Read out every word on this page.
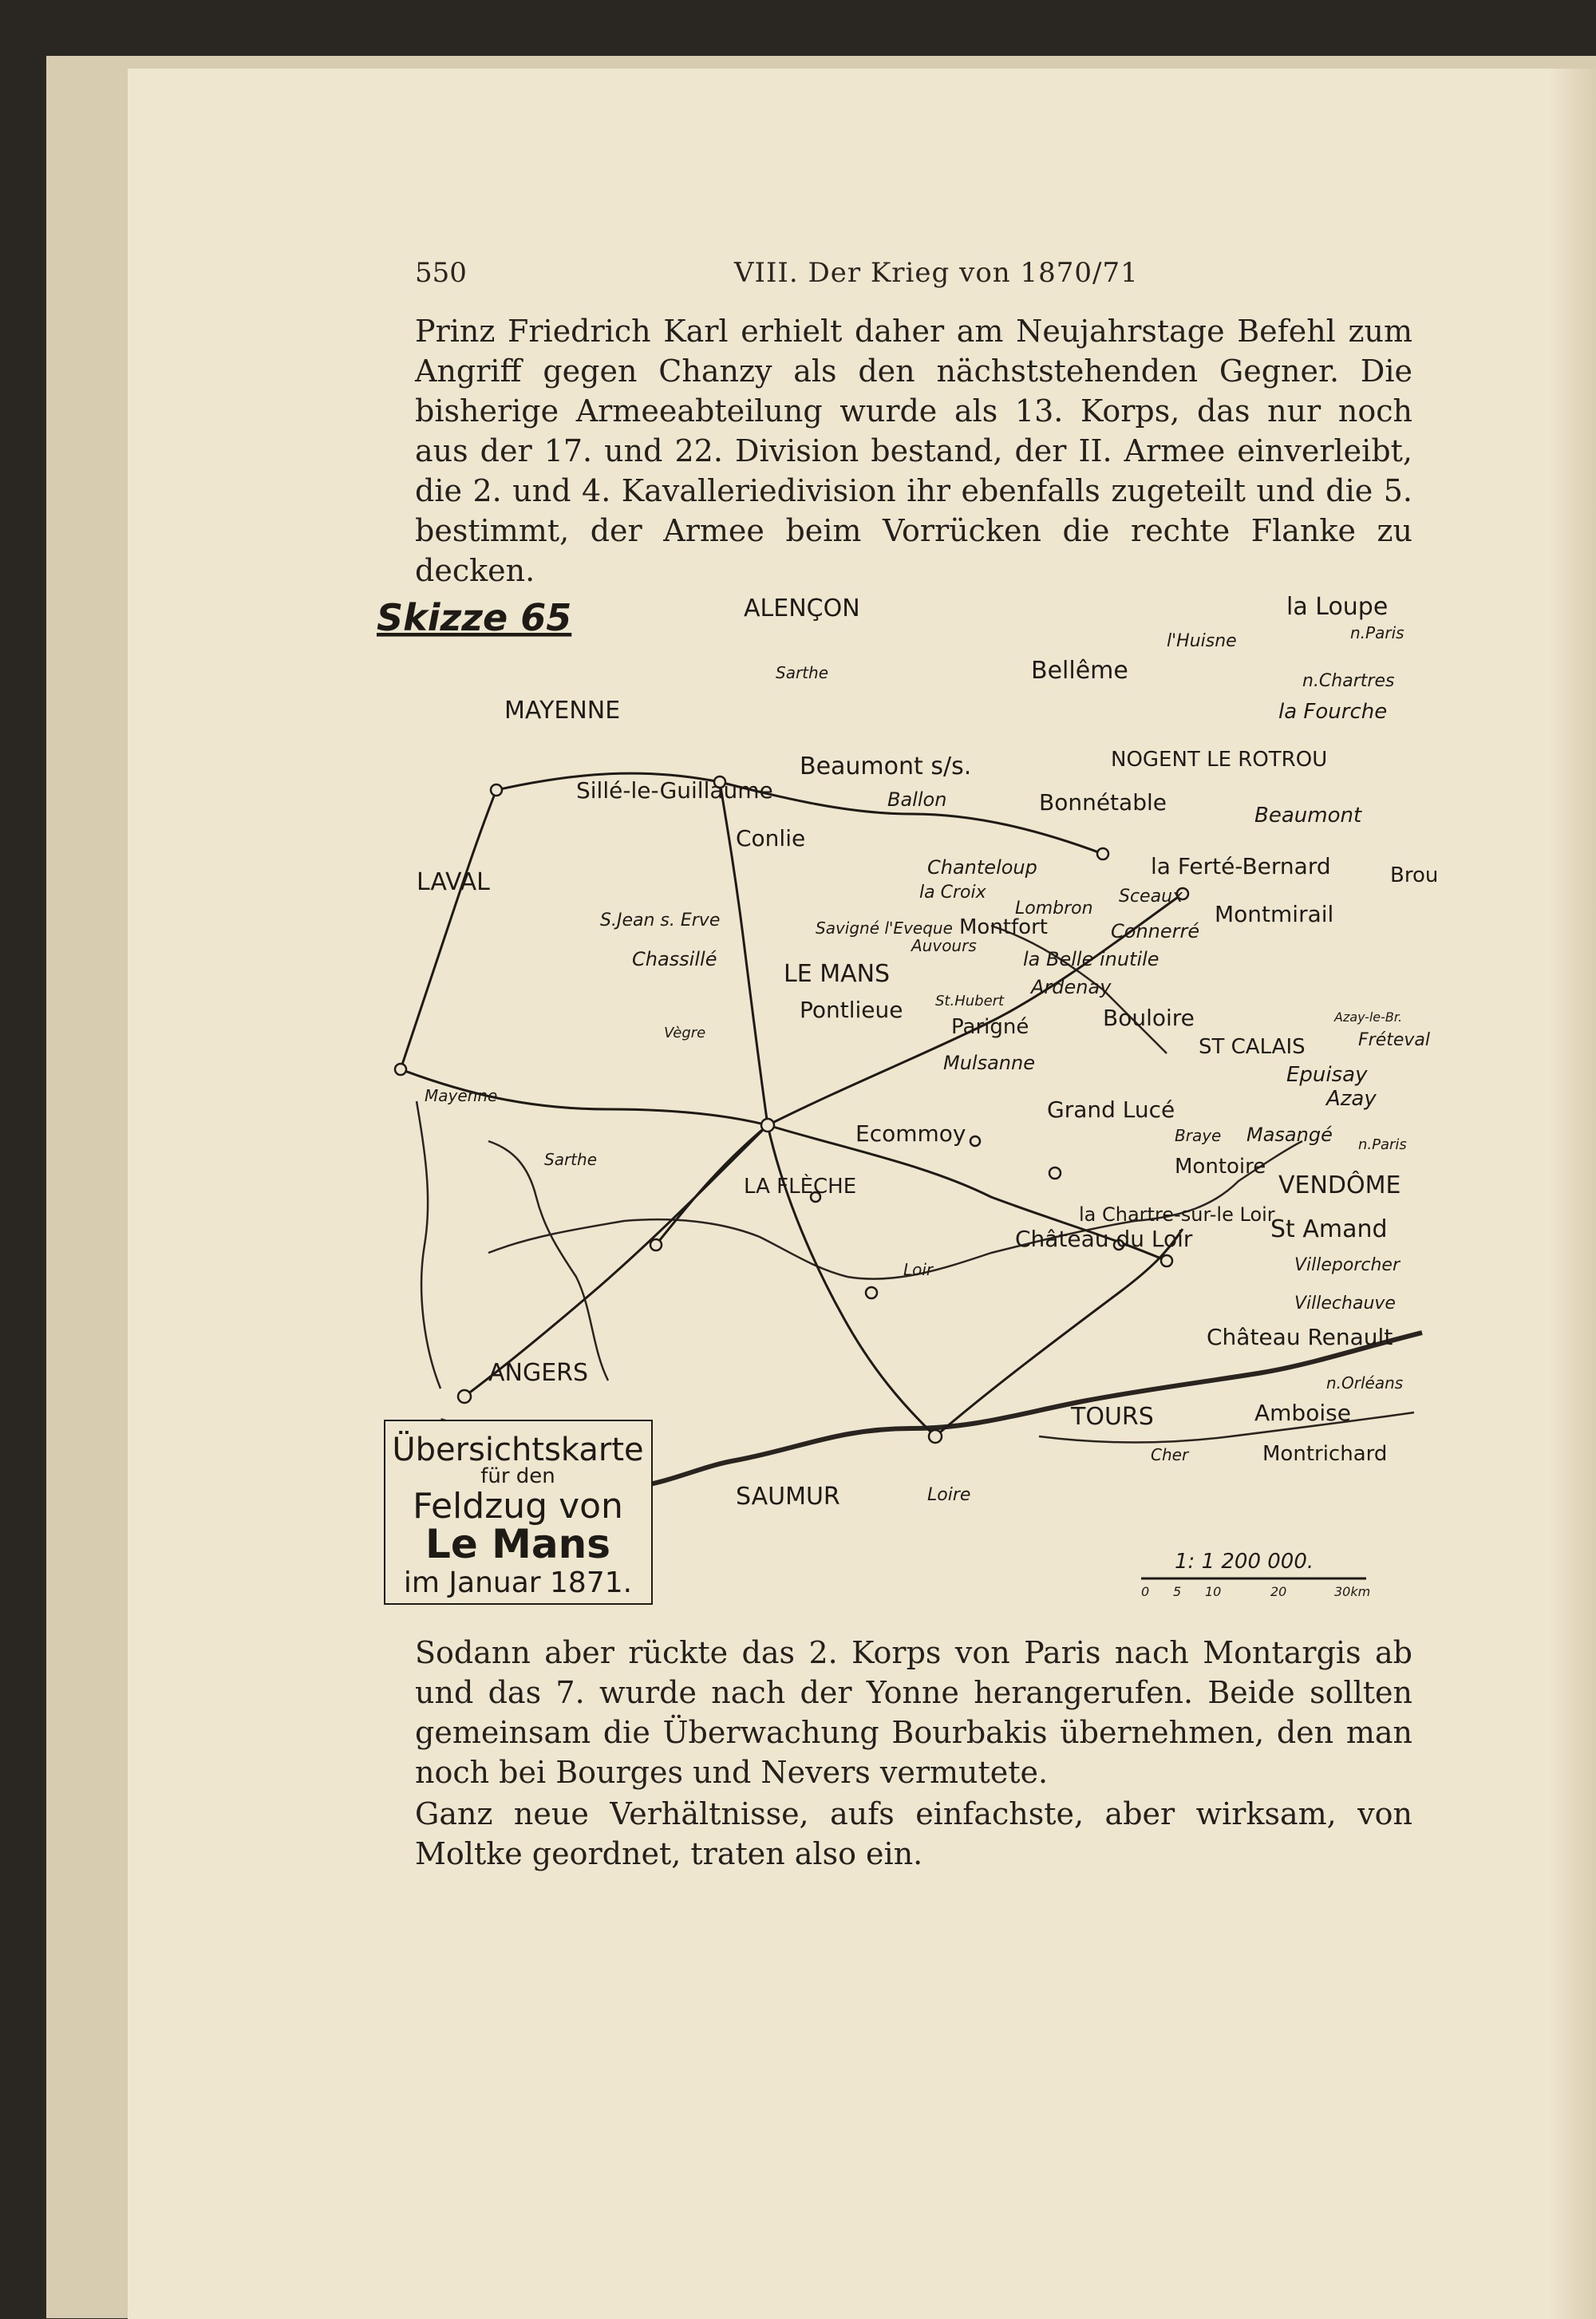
550	VIII. Der Krieg von 1870/71
Prinz Friedrich Karl erhielt daher am Neujahrstage Befehl zum Angriff gegen Chanzy als den nächststehenden Gegner. Die bisherige Armeeabteilung wurde als 13. Korps, das nur noch aus der 17. und 22. Division bestand, der II. Armee einverleibt, die 2. und 4. Kavalleriedivision ihr ebenfalls zugeteilt und die 5. bestimmt, der Armee beim Vorrücken die rechte Flanke zu decken.
Skizze 65	ALENÇON	la Loupe
n.Paris
l'Huisne
n.Chartres
Bellême
la Fourche
MAYENNE
Sarthe
Beaumont s/s.	NOGENT LE ROTROU
Sillé-le-Guillaume	Ballon	Bonnétable	Beaumont
Conlie
Chanteloup	la Ferté-Bernard	Brou
LAVAL	la Croix
Lombron
Sceaux
Montmirail
S.Jean s. Erve	Savigné l'Eveque Montfort	Connerré
Auvours
Chassillé
LE MANS
la Belle inutile
St.Hubert
Ardenay
Pontlieue
Parigné	Bouloire
ST CALAIS	Fréteval
Vègre
Mulsanne	Epuisay
Azay
Mayenne
Grand Lucé
Braye Masangé
Ecommoy	n.Paris
Sarthe	Montoire
VENDÔME
LA FLÈCHE
la Chartre-sur-le Loir
St Amand
Château du Loir
Loir	Villeporcher
Villechauve
Château Renault
ANGERS	n.Orléans
TOURS	Amboise
Montrichard
Cher
SAUMUR	Loire
Azay-le-Br.
Übersichtskarte
für den
Feldzug von
Le Mans
im Januar 1871.
1: 1 200 000.
0 5 10	20	30km
Sodann aber rückte das 2. Korps von Paris nach Montargis ab und das 7. wurde nach der Yonne herangerufen. Beide sollten gemeinsam die Überwachung Bourbakis übernehmen, den man noch bei Bourges und Nevers vermutete.
Ganz neue Verhältnisse, aufs einfachste, aber wirksam, von Moltke geordnet, traten also ein.
